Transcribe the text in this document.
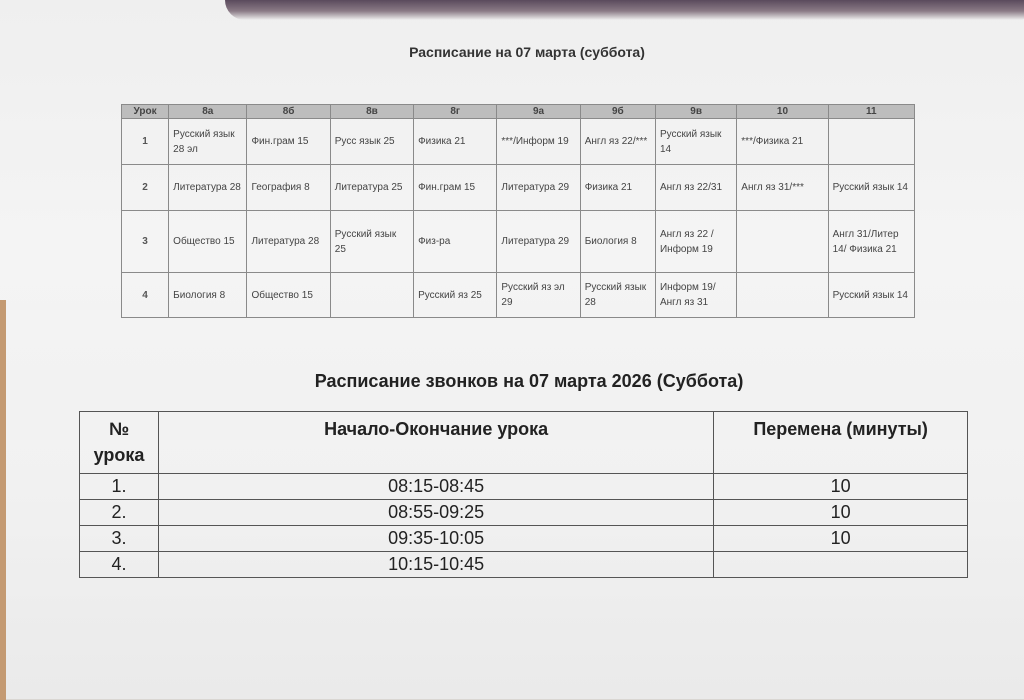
Расписание на 07 марта (суббота)
Урок	8а	8б	8в	8г	9а	9б	9в	10	11
1	Русский язык 28 эл	Фин.грам 15	Русс язык 25	Физика 21	***/Информ 19	Англ яз 22/***	Русский язык 14	***/Физика 21	
2	Литература 28	География 8	Литература 25	Фин.грам 15	Литература 29	Физика 21	Англ яз 22/31	Англ яз 31/***	Русский язык 14
3	Общество 15	Литература 28	Русский язык 25	Физ-ра	Литература 29	Биология 8	Англ яз 22 / Информ 19		Англ 31/Литер 14/ Физика 21
4	Биология 8	Общество 15		Русский яз 25	Русский яз эл 29	Русский язык 28	Информ 19/ Англ яз 31		Русский язык 14
Расписание звонков на 07 марта 2026 (Суббота)
№ урока	Начало-Окончание урока	Перемена (минуты)
1.	08:15-08:45	10
2.	08:55-09:25	10
3.	09:35-10:05	10
4.	10:15-10:45	
